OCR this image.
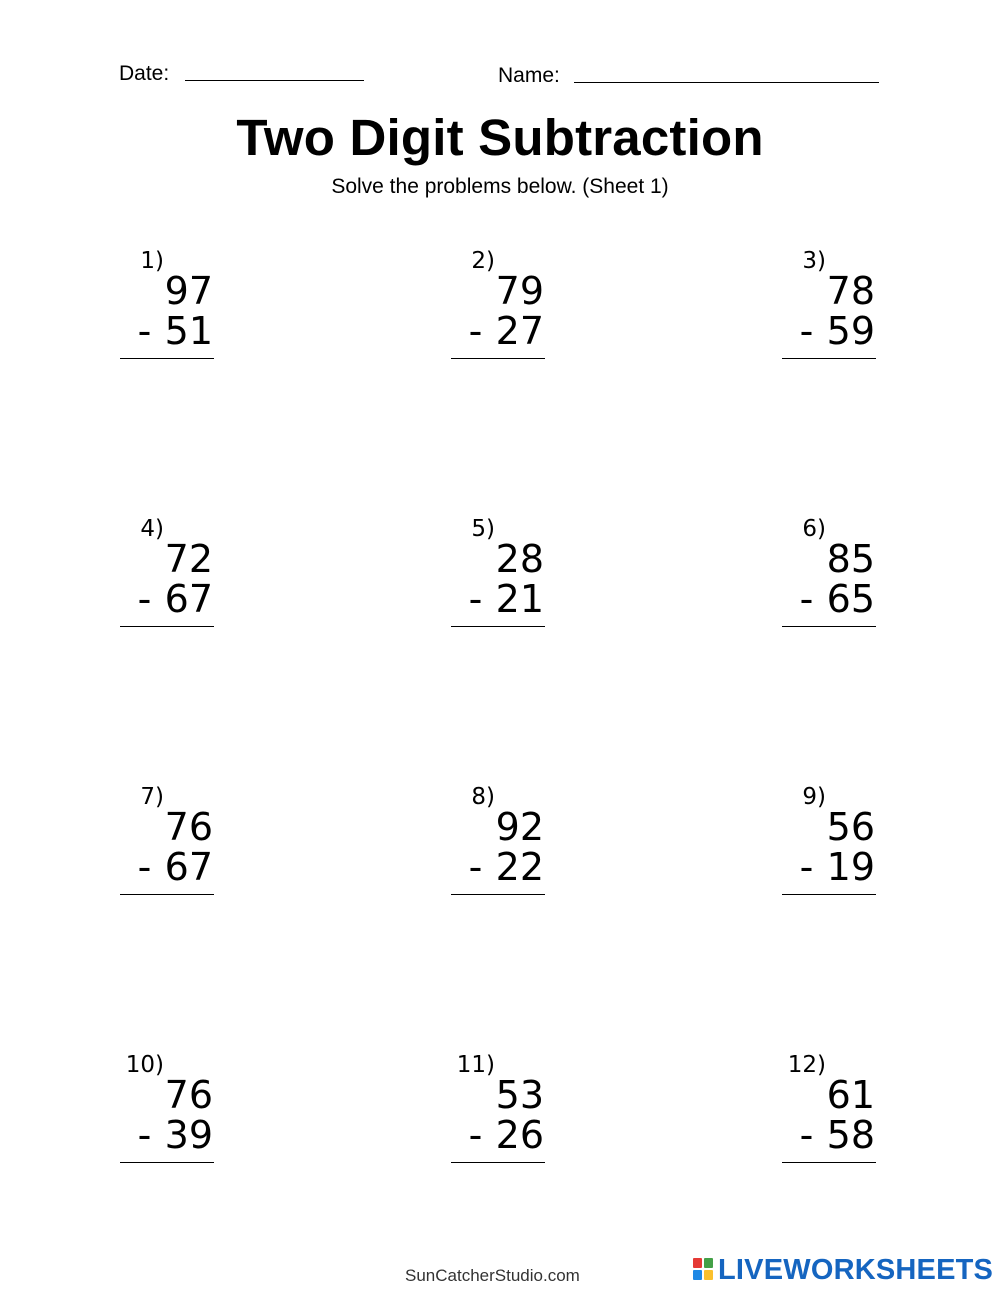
Date:	Name:
Two Digit Subtraction
Solve the problems below. (Sheet 1)
1)
97
- 51
2)
79
- 27
3)
78
- 59
4)
72
- 67
5)
28
- 21
6)
85
- 65
7)
76
- 67
8)
92
- 22
9)
56
- 19
10)
76
- 39
11)
53
- 26
12)
61
- 58
SunCatcherStudio.com	LIVEWORKSHEETS
